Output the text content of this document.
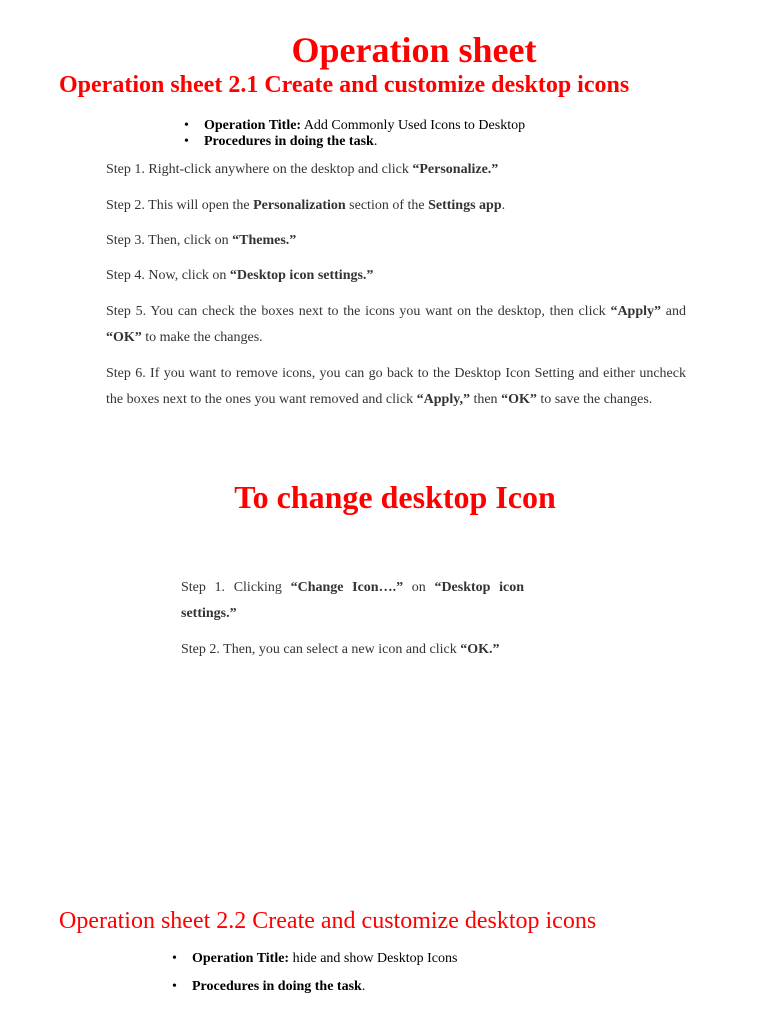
Operation sheet
Operation sheet 2.1 Create and customize desktop icons
• Operation Title: Add Commonly Used Icons to Desktop
• Procedures in doing the task.
Step 1. Right-click anywhere on the desktop and click “Personalize.”
Step 2. This will open the Personalization section of the Settings app.
Step 3. Then, click on “Themes.”
Step 4. Now, click on “Desktop icon settings.”
Step 5. You can check the boxes next to the icons you want on the desktop, then click “Apply” and “OK” to make the changes.
Step 6. If you want to remove icons, you can go back to the Desktop Icon Setting and either uncheck the boxes next to the ones you want removed and click “Apply,” then “OK” to save the changes.
To change desktop Icon
Step 1. Clicking “Change Icon….” on “Desktop icon settings.”
Step 2. Then, you can select a new icon and click “OK.”
Operation sheet 2.2 Create and customize desktop icons
• Operation Title: hide and show Desktop Icons
• Procedures in doing the task.
